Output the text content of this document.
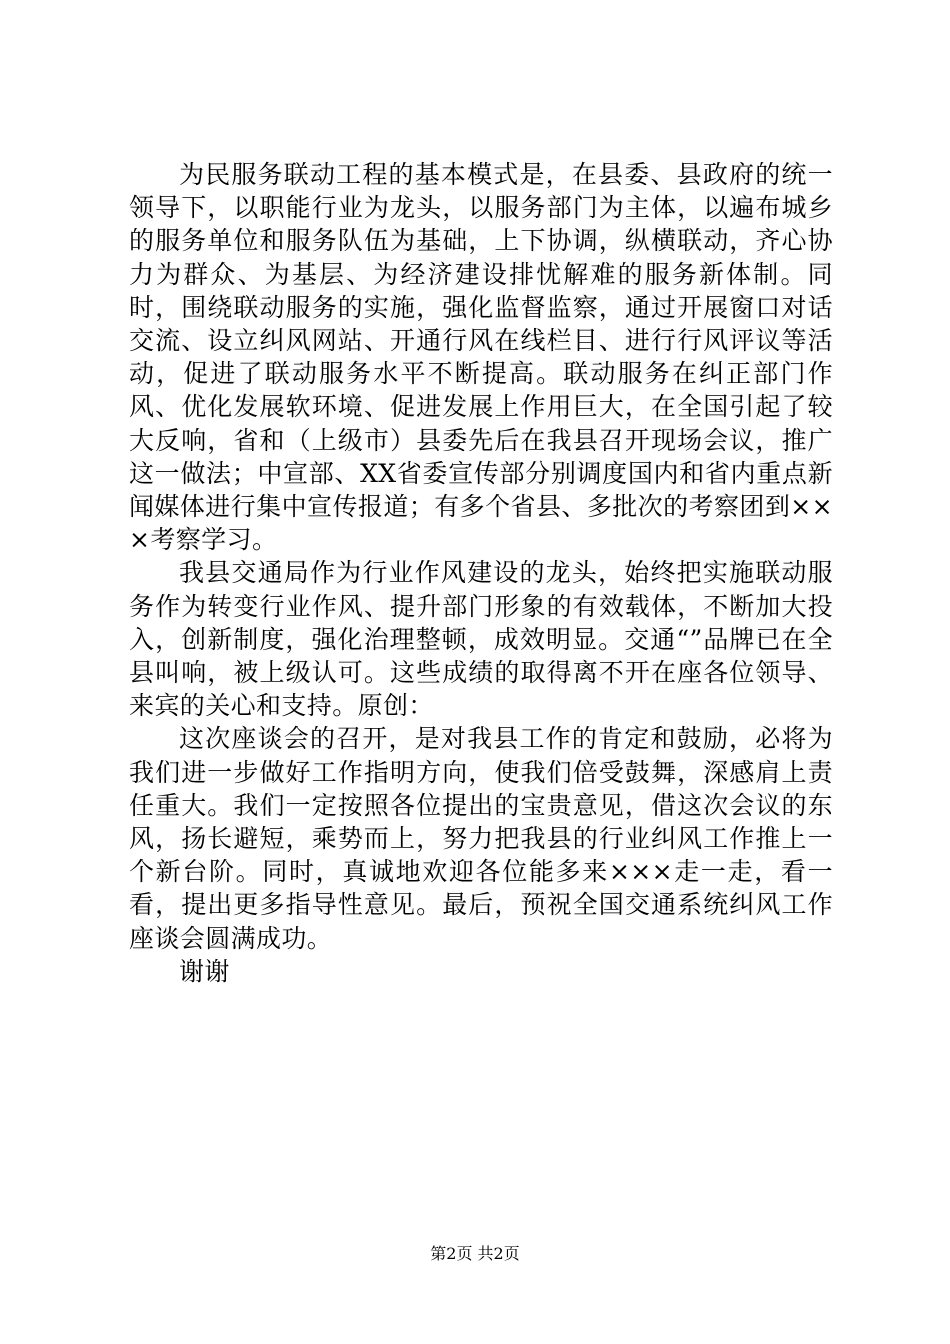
为民服务联动工程的基本模式是，在县委、县政府的统一领导下，以职能行业为龙头，以服务部门为主体，以遍布城乡的服务单位和服务队伍为基础，上下协调，纵横联动，齐心协力为群众、为基层、为经济建设排忧解难的服务新体制。同时，围绕联动服务的实施，强化监督监察，通过开展窗口对话交流、设立纠风网站、开通行风在线栏目、进行行风评议等活动，促进了联动服务水平不断提高。联动服务在纠正部门作风、优化发展软环境、促进发展上作用巨大，在全国引起了较大反响，省和（上级市）县委先后在我县召开现场会议，推广这一做法；中宣部、XX省委宣传部分别调度国内和省内重点新闻媒体进行集中宣传报道；有多个省县、多批次的考察团到×××考察学习。

我县交通局作为行业作风建设的龙头，始终把实施联动服务作为转变行业作风、提升部门形象的有效载体，不断加大投入，创新制度，强化治理整顿，成效明显。交通“”品牌已在全县叫响，被上级认可。这些成绩的取得离不开在座各位领导、来宾的关心和支持。原创：

这次座谈会的召开，是对我县工作的肯定和鼓励，必将为我们进一步做好工作指明方向，使我们倍受鼓舞，深感肩上责任重大。我们一定按照各位提出的宝贵意见，借这次会议的东风，扬长避短，乘势而上，努力把我县的行业纠风工作推上一个新台阶。同时，真诚地欢迎各位能多来×××走一走，看一看，提出更多指导性意见。最后，预祝全国交通系统纠风工作座谈会圆满成功。

谢谢

第2页 共2页
